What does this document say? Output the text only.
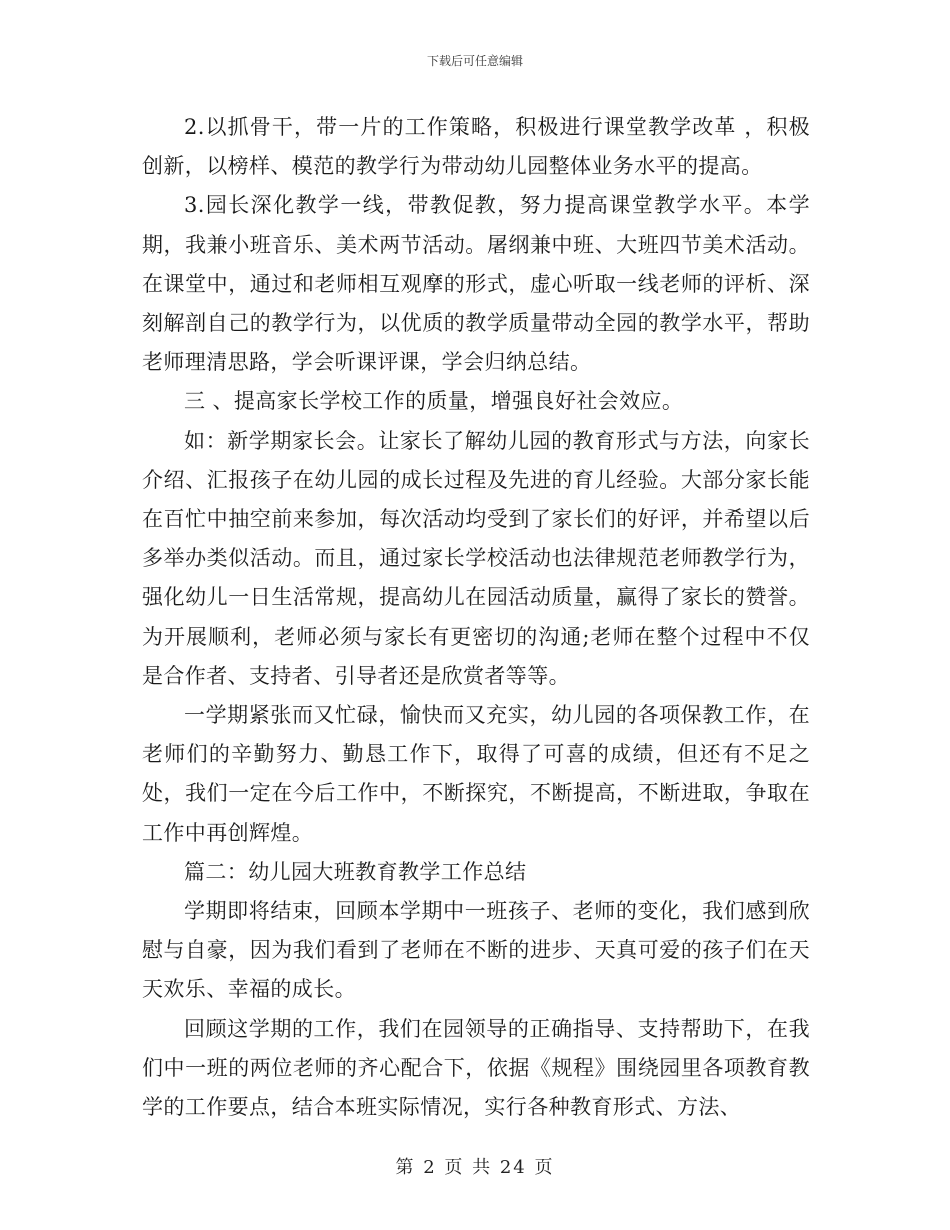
下载后可任意编辑

2.以抓骨干，带一片的工作策略，积极进行课堂教学改革 ，积极创新，以榜样、模范的教学行为带动幼儿园整体业务水平的提高。

3.园长深化教学一线，带教促教，努力提高课堂教学水平。本学期，我兼小班音乐、美术两节活动。屠纲兼中班、大班四节美术活动。在课堂中，通过和老师相互观摩的形式，虚心听取一线老师的评析、深刻解剖自己的教学行为，以优质的教学质量带动全园的教学水平，帮助老师理清思路，学会听课评课，学会归纳总结。

三 、提高家长学校工作的质量，增强良好社会效应。

如：新学期家长会。让家长了解幼儿园的教育形式与方法，向家长介绍、汇报孩子在幼儿园的成长过程及先进的育儿经验。大部分家长能在百忙中抽空前来参加，每次活动均受到了家长们的好评，并希望以后多举办类似活动。而且，通过家长学校活动也法律规范老师教学行为，强化幼儿一日生活常规，提高幼儿在园活动质量，赢得了家长的赞誉。为开展顺利，老师必须与家长有更密切的沟通;老师在整个过程中不仅是合作者、支持者、引导者还是欣赏者等等。

一学期紧张而又忙碌，愉快而又充实，幼儿园的各项保教工作，在老师们的辛勤努力、勤恳工作下，取得了可喜的成绩，但还有不足之处，我们一定在今后工作中，不断探究，不断提高，不断进取，争取在工作中再创辉煌。

篇二：幼儿园大班教育教学工作总结

学期即将结束，回顾本学期中一班孩子、老师的变化，我们感到欣慰与自豪，因为我们看到了老师在不断的进步、天真可爱的孩子们在天天欢乐、幸福的成长。

回顾这学期的工作，我们在园领导的正确指导、支持帮助下，在我们中一班的两位老师的齐心配合下，依据《规程》围绕园里各项教育教学的工作要点，结合本班实际情况，实行各种教育形式、方法、

第 2 页 共 24 页
